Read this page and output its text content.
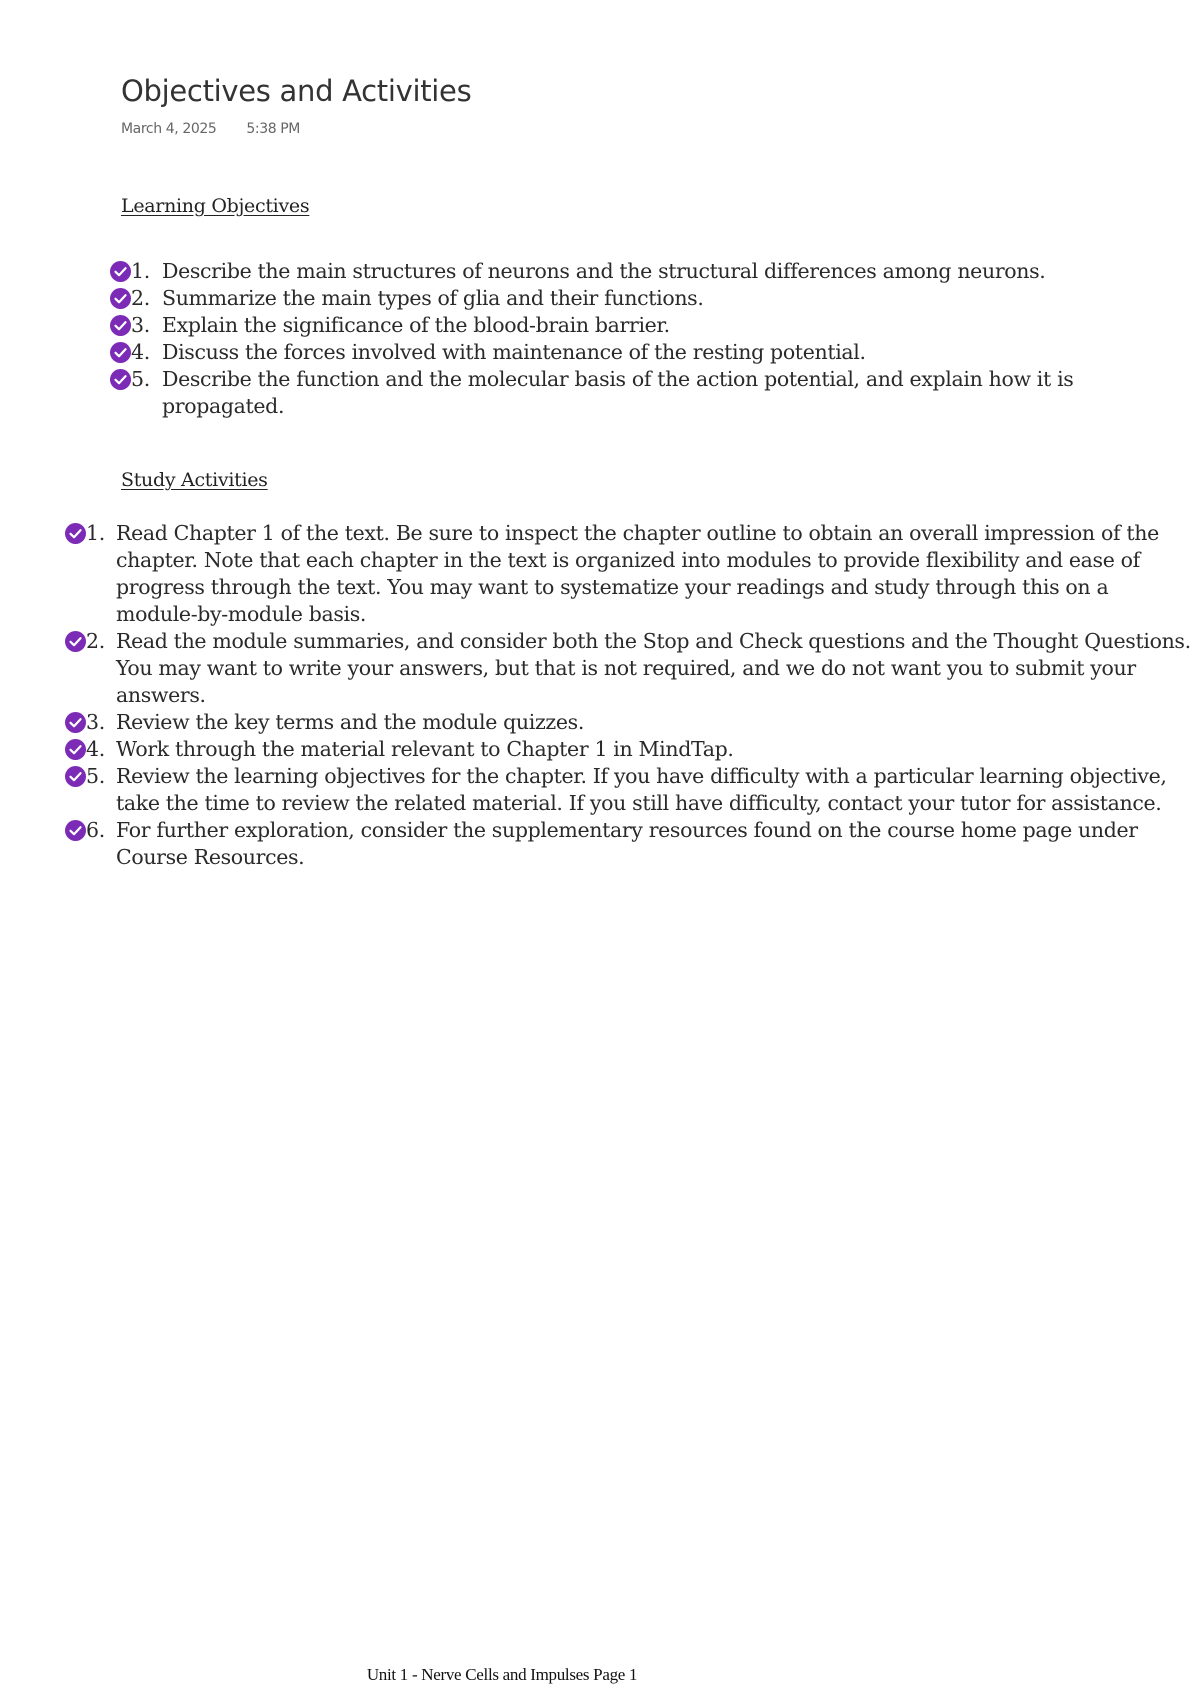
Objectives and Activities
March 4, 2025 5:38 PM
Learning Objectives
1. Describe the main structures of neurons and the structural differences among neurons.
2. Summarize the main types of glia and their functions.
3. Explain the significance of the blood-brain barrier.
4. Discuss the forces involved with maintenance of the resting potential.
5. Describe the function and the molecular basis of the action potential, and explain how it is propagated.
Study Activities
1. Read Chapter 1 of the text. Be sure to inspect the chapter outline to obtain an overall impression of the chapter. Note that each chapter in the text is organized into modules to provide flexibility and ease of progress through the text. You may want to systematize your readings and study through this on a module-by-module basis.
2. Read the module summaries, and consider both the Stop and Check questions and the Thought Questions. You may want to write your answers, but that is not required, and we do not want you to submit your answers.
3. Review the key terms and the module quizzes.
4. Work through the material relevant to Chapter 1 in MindTap.
5. Review the learning objectives for the chapter. If you have difficulty with a particular learning objective, take the time to review the related material. If you still have difficulty, contact your tutor for assistance.
6. For further exploration, consider the supplementary resources found on the course home page under Course Resources.
Unit 1 - Nerve Cells and Impulses Page 1
